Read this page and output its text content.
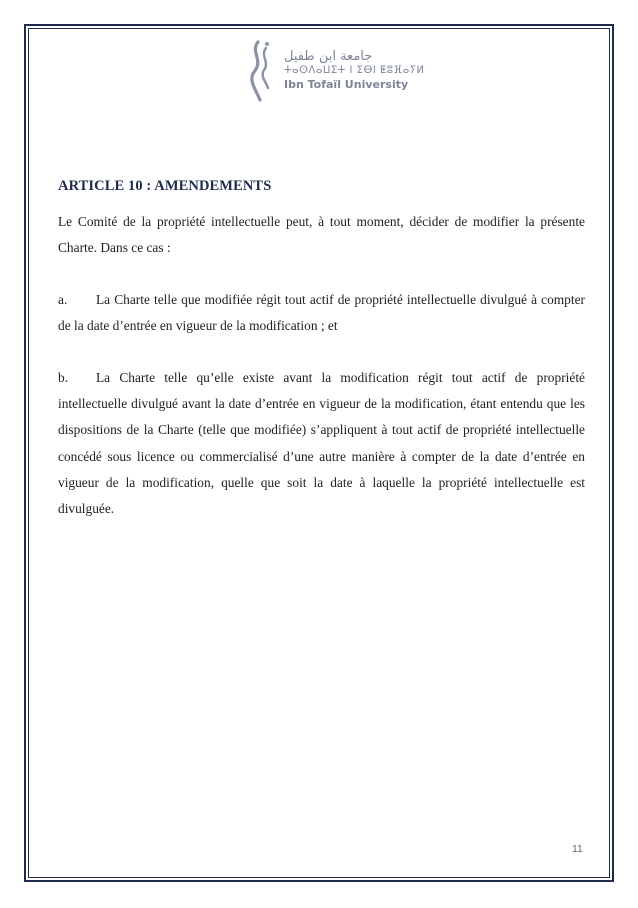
جامعة ابن طفيل
ⵜⴰⵙⴷⴰⵡⵉⵜ ⵏ ⵉⴱⵏ ⵟⵓⴼⴰⵢⵍ
Ibn Tofaïl University
ARTICLE 10 : AMENDEMENTS
Le Comité de la propriété intellectuelle peut, à tout moment, décider de modifier la présente Charte. Dans ce cas :
a. La Charte telle que modifiée régit tout actif de propriété intellectuelle divulgué à compter de la date d’entrée en vigueur de la modification ; et
b. La Charte telle qu’elle existe avant la modification régit tout actif de propriété intellectuelle divulgué avant la date d’entrée en vigueur de la modification, étant entendu que les dispositions de la Charte (telle que modifiée) s’appliquent à tout actif de propriété intellectuelle concédé sous licence ou commercialisé d’une autre manière à compter de la date d’entrée en vigueur de la modification, quelle que soit la date à laquelle la propriété intellectuelle est divulguée.
11
